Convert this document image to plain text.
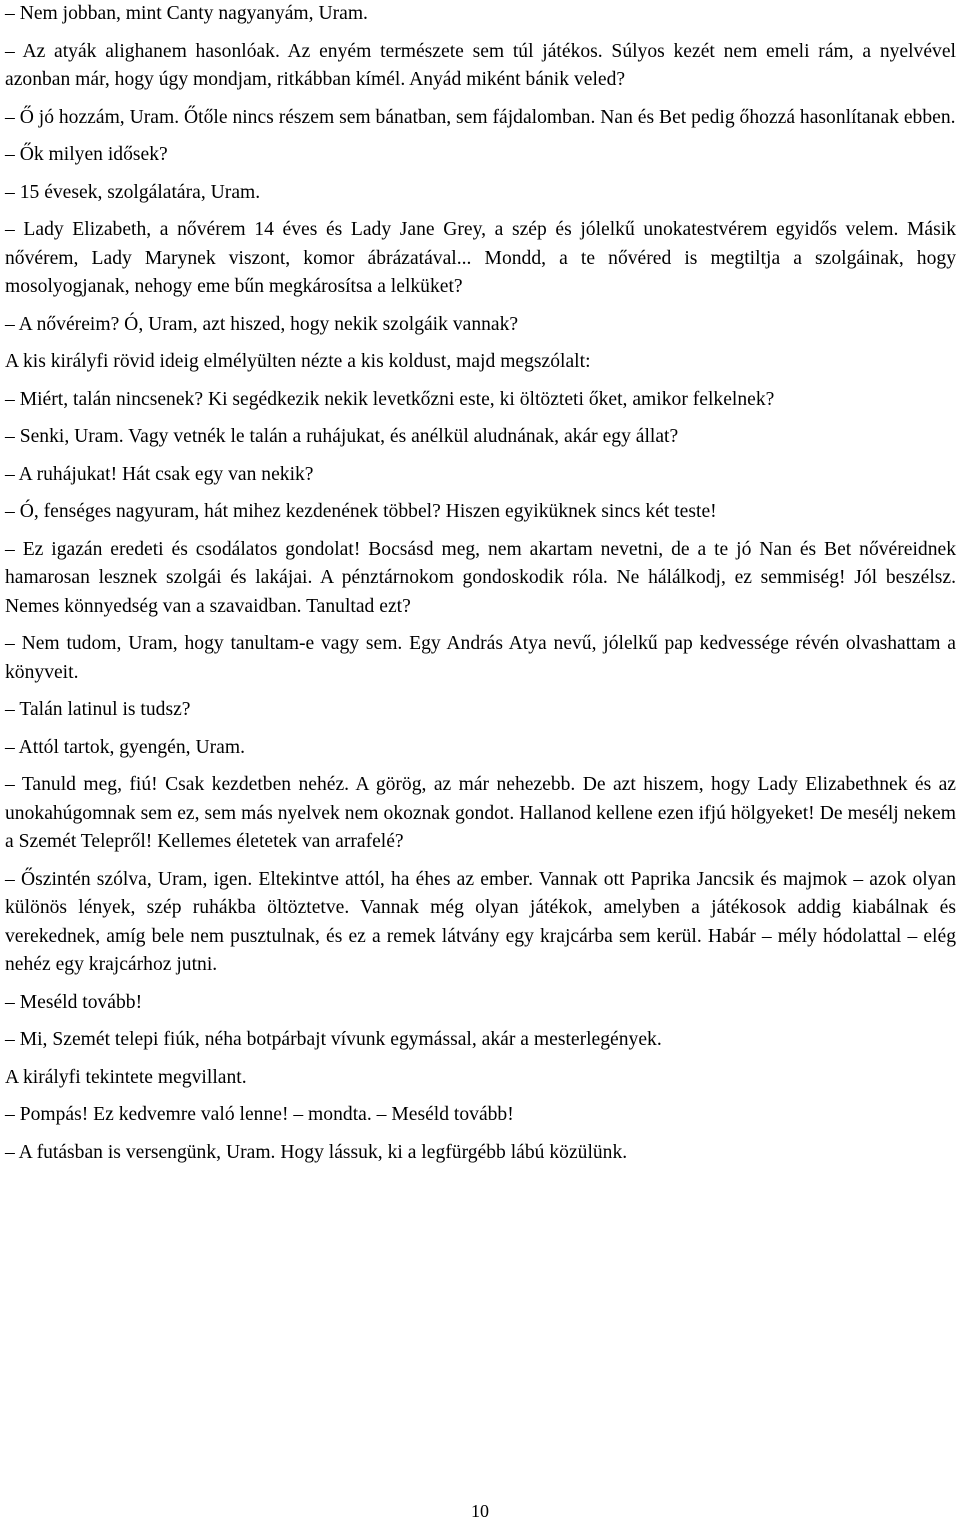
– Nem jobban, mint Canty nagyanyám, Uram.

– Az atyák alighanem hasonlóak. Az enyém természete sem túl játékos. Súlyos kezét nem emeli rám, a nyelvével azonban már, hogy úgy mondjam, ritkábban kímél. Anyád miként bánik veled?

– Ő jó hozzám, Uram. Őtőle nincs részem sem bánatban, sem fájdalomban. Nan és Bet pedig őhozzá hasonlítanak ebben.

– Ők milyen idősek?

– 15 évesek, szolgálatára, Uram.

– Lady Elizabeth, a nővérem 14 éves és Lady Jane Grey, a szép és jólelkű unokatestvérem egyidős velem. Másik nővérem, Lady Marynek viszont, komor ábrázatával... Mondd, a te nővéred is megtiltja a szolgáinak, hogy mosolyogjanak, nehogy eme bűn megkárosítsa a lelküket?

– A nővéreim? Ó, Uram, azt hiszed, hogy nekik szolgáik vannak?

A kis királyfi rövid ideig elmélyülten nézte a kis koldust, majd megszólalt:

– Miért, talán nincsenek? Ki segédkezik nekik levetkőzni este, ki öltözteti őket, amikor felkelnek?

– Senki, Uram. Vagy vetnék le talán a ruhájukat, és anélkül aludnának, akár egy állat?

– A ruhájukat! Hát csak egy van nekik?

– Ó, fenséges nagyuram, hát mihez kezdenének többel? Hiszen egyiküknek sincs két teste!

– Ez igazán eredeti és csodálatos gondolat! Bocsásd meg, nem akartam nevetni, de a te jó Nan és Bet nővéreidnek hamarosan lesznek szolgái és lakájai. A pénztárnokom gondoskodik róla. Ne hálálkodj, ez semmiség! Jól beszélsz. Nemes könnyedség van a szavaidban. Tanultad ezt?

– Nem tudom, Uram, hogy tanultam-e vagy sem. Egy András Atya nevű, jólelkű pap kedvessége révén olvashattam a könyveit.

– Talán latinul is tudsz?

– Attól tartok, gyengén, Uram.

– Tanuld meg, fiú! Csak kezdetben nehéz. A görög, az már nehezebb. De azt hiszem, hogy Lady Elizabethnek és az unokahúgomnak sem ez, sem más nyelvek nem okoznak gondot. Hallanod kellene ezen ifjú hölgyeket! De mesélj nekem a Szemét Telepről! Kellemes életetek van arrafelé?

– Őszintén szólva, Uram, igen. Eltekintve attól, ha éhes az ember. Vannak ott Paprika Jancsik és majmok – azok olyan különös lények, szép ruhákba öltöztetve. Vannak még olyan játékok, amelyben a játékosok addig kiabálnak és verekednek, amíg bele nem pusztulnak, és ez a remek látvány egy krajcárba sem kerül. Habár – mély hódolattal – elég nehéz egy krajcárhoz jutni.

– Meséld tovább!

– Mi, Szemét telepi fiúk, néha botpárbajt vívunk egymással, akár a mesterlegények.

A királyfi tekintete megvillant.

– Pompás! Ez kedvemre való lenne! – mondta. – Meséld tovább!

– A futásban is versengünk, Uram. Hogy lássuk, ki a legfürgébb lábú közülünk.

10
